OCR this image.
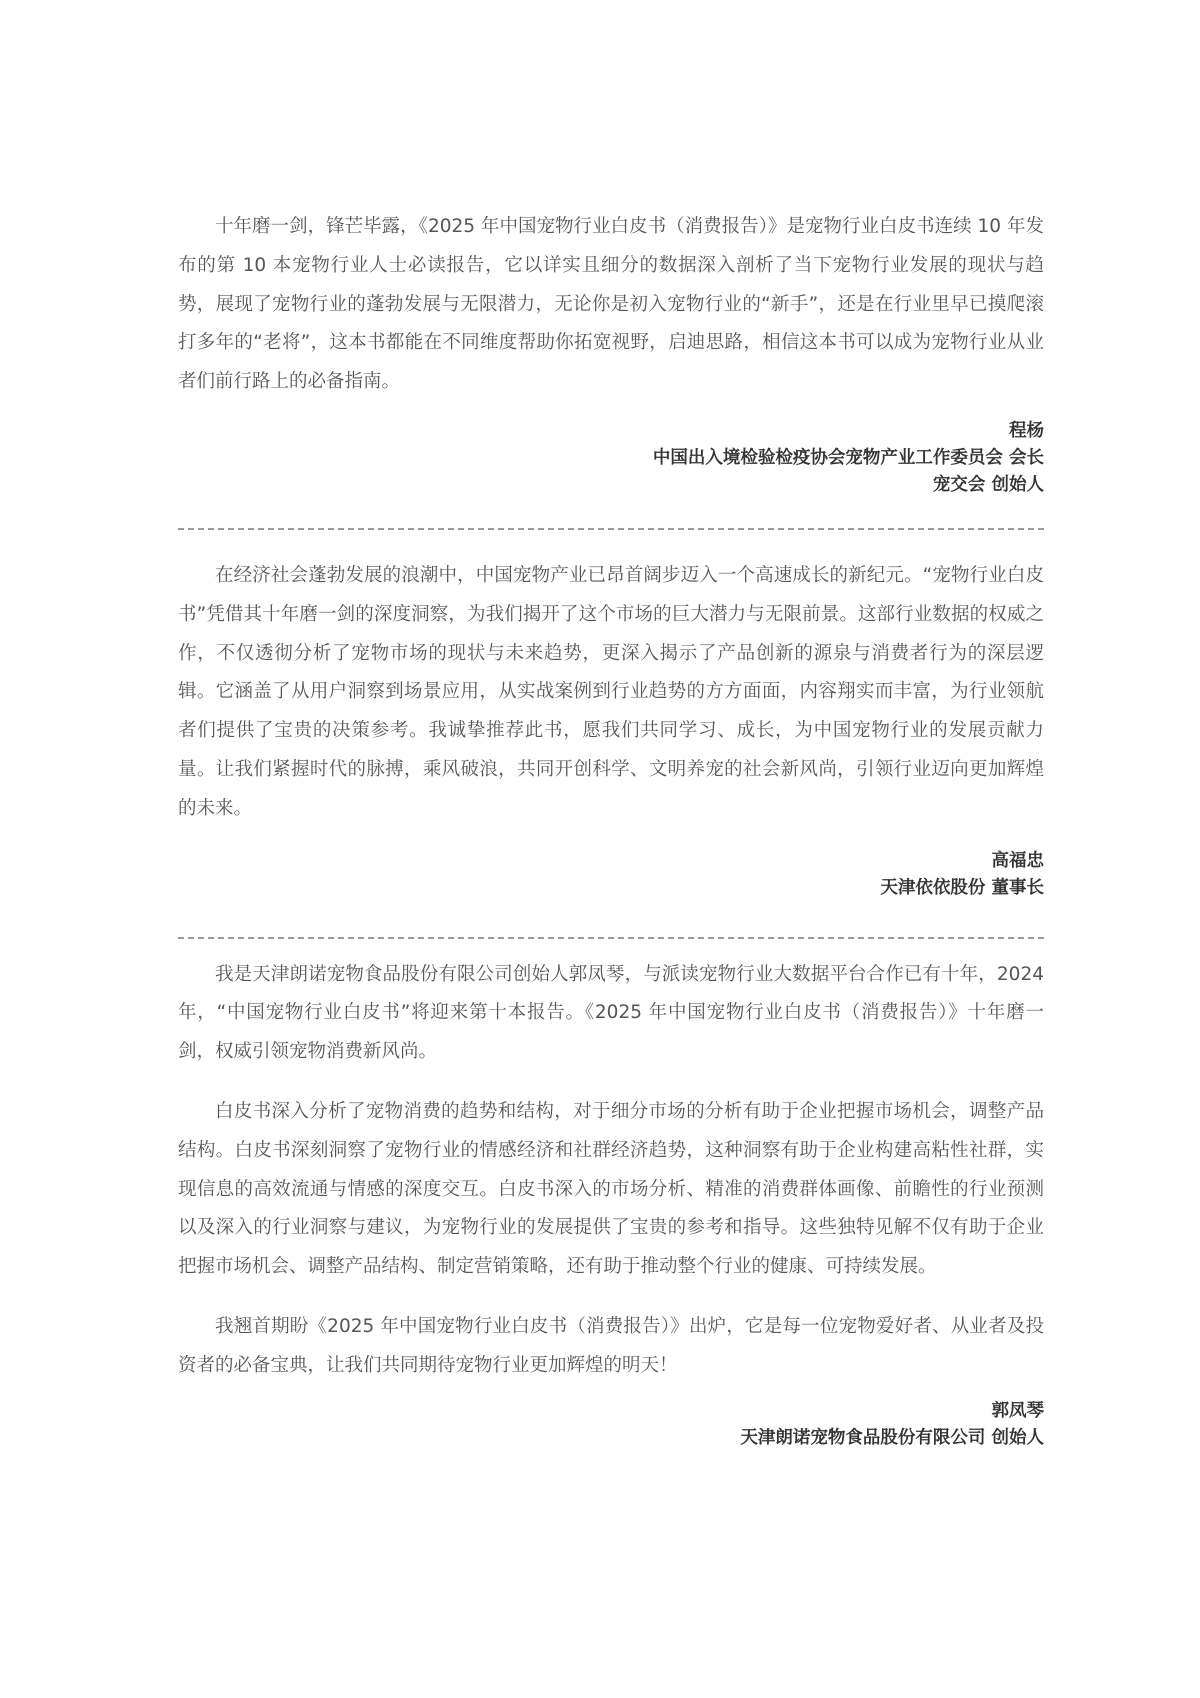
十年磨一剑，锋芒毕露，《2025 年中国宠物行业白皮书（消费报告）》是宠物行业白皮书连续 10 年发布的第 10 本宠物行业人士必读报告，它以详实且细分的数据深入剖析了当下宠物行业发展的现状与趋势，展现了宠物行业的蓬勃发展与无限潜力，无论你是初入宠物行业的“新手”，还是在行业里早已摸爬滚打多年的“老将”，这本书都能在不同维度帮助你拓宽视野，启迪思路，相信这本书可以成为宠物行业从业者们前行路上的必备指南。

程杨
中国出入境检验检疫协会宠物产业工作委员会 会长
宠交会 创始人

在经济社会蓬勃发展的浪潮中，中国宠物产业已昂首阔步迈入一个高速成长的新纪元。“宠物行业白皮书”凭借其十年磨一剑的深度洞察，为我们揭开了这个市场的巨大潜力与无限前景。这部行业数据的权威之作，不仅透彻分析了宠物市场的现状与未来趋势，更深入揭示了产品创新的源泉与消费者行为的深层逻辑。它涵盖了从用户洞察到场景应用，从实战案例到行业趋势的方方面面，内容翔实而丰富，为行业领航者们提供了宝贵的决策参考。我诚挚推荐此书，愿我们共同学习、成长，为中国宠物行业的发展贡献力量。让我们紧握时代的脉搏，乘风破浪，共同开创科学、文明养宠的社会新风尚，引领行业迈向更加辉煌的未来。

高福忠
天津依依股份 董事长

我是天津朗诺宠物食品股份有限公司创始人郭凤琴，与派读宠物行业大数据平台合作已有十年，2024 年，“中国宠物行业白皮书”将迎来第十本报告。《2025 年中国宠物行业白皮书（消费报告）》十年磨一剑，权威引领宠物消费新风尚。

白皮书深入分析了宠物消费的趋势和结构，对于细分市场的分析有助于企业把握市场机会，调整产品结构。白皮书深刻洞察了宠物行业的情感经济和社群经济趋势，这种洞察有助于企业构建高粘性社群，实现信息的高效流通与情感的深度交互。白皮书深入的市场分析、精准的消费群体画像、前瞻性的行业预测以及深入的行业洞察与建议，为宠物行业的发展提供了宝贵的参考和指导。这些独特见解不仅有助于企业把握市场机会、调整产品结构、制定营销策略，还有助于推动整个行业的健康、可持续发展。

我翘首期盼《2025 年中国宠物行业白皮书（消费报告）》出炉，它是每一位宠物爱好者、从业者及投资者的必备宝典，让我们共同期待宠物行业更加辉煌的明天！

郭凤琴
天津朗诺宠物食品股份有限公司 创始人
